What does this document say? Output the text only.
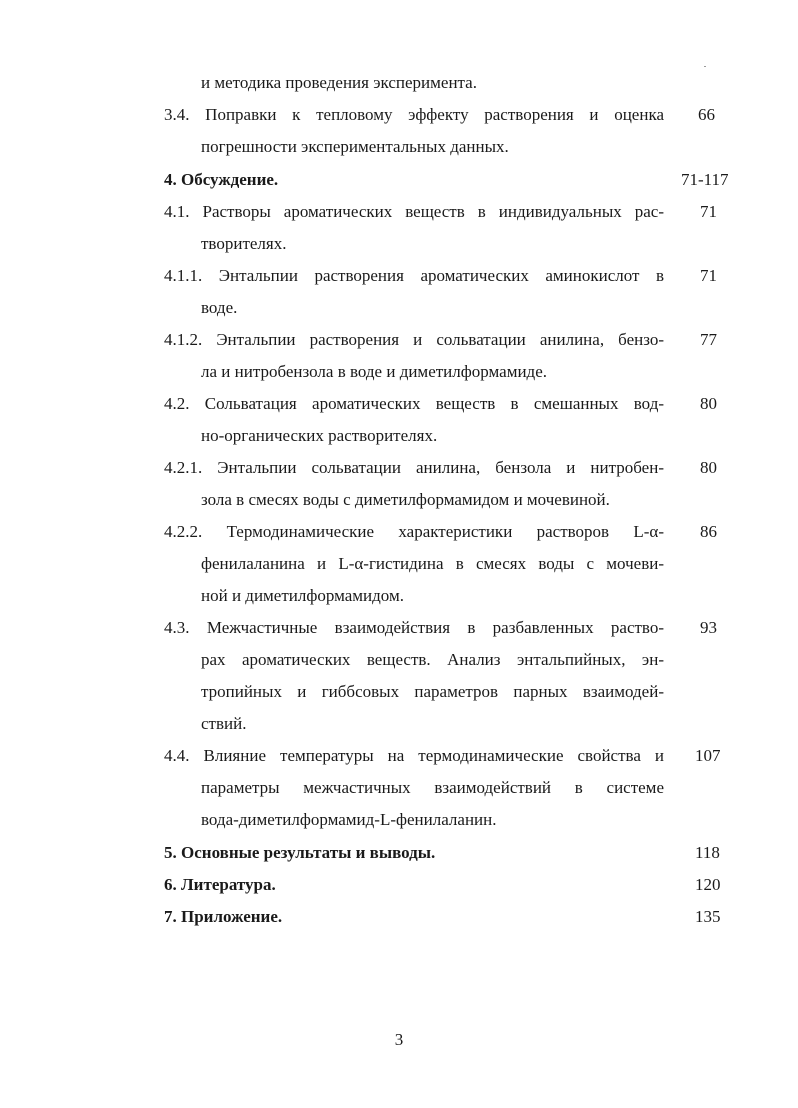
и методика проведения эксперимента.
3.4. Поправки к тепловому эффекту растворения и оценка 66
погрешности экспериментальных данных.
4. Обсуждение.	71-117
4.1. Растворы ароматических веществ в индивидуальных рас- 71
творителях.
4.1.1. Энтальпии растворения ароматических аминокислот в 71
воде.
4.1.2. Энтальпии растворения и сольватации анилина, бензо- 77
ла и нитробензола в воде и диметилформамиде.
4.2. Сольватация ароматических веществ в смешанных вод- 80
но-органических растворителях.
4.2.1. Энтальпии сольватации анилина, бензола и нитробен- 80
зола в смесях воды с диметилформамидом и мочевиной.
4.2.2. Термодинамические характеристики растворов L-α- 86
фенилаланина и L-α-гистидина в смесях воды с мочеви-
ной и диметилформамидом.
4.3. Межчастичные взаимодействия в разбавленных раство- 93
рах ароматических веществ. Анализ энтальпийных, эн-
тропийных и гиббсовых параметров парных взаимодей-
ствий.
4.4. Влияние температуры на термодинамические свойства и 107
параметры межчастичных взаимодействий в системе
вода-диметилформамид-L-фенилаланин.
5. Основные результаты и выводы.	118
6. Литература.	120
7. Приложение.	135
3
